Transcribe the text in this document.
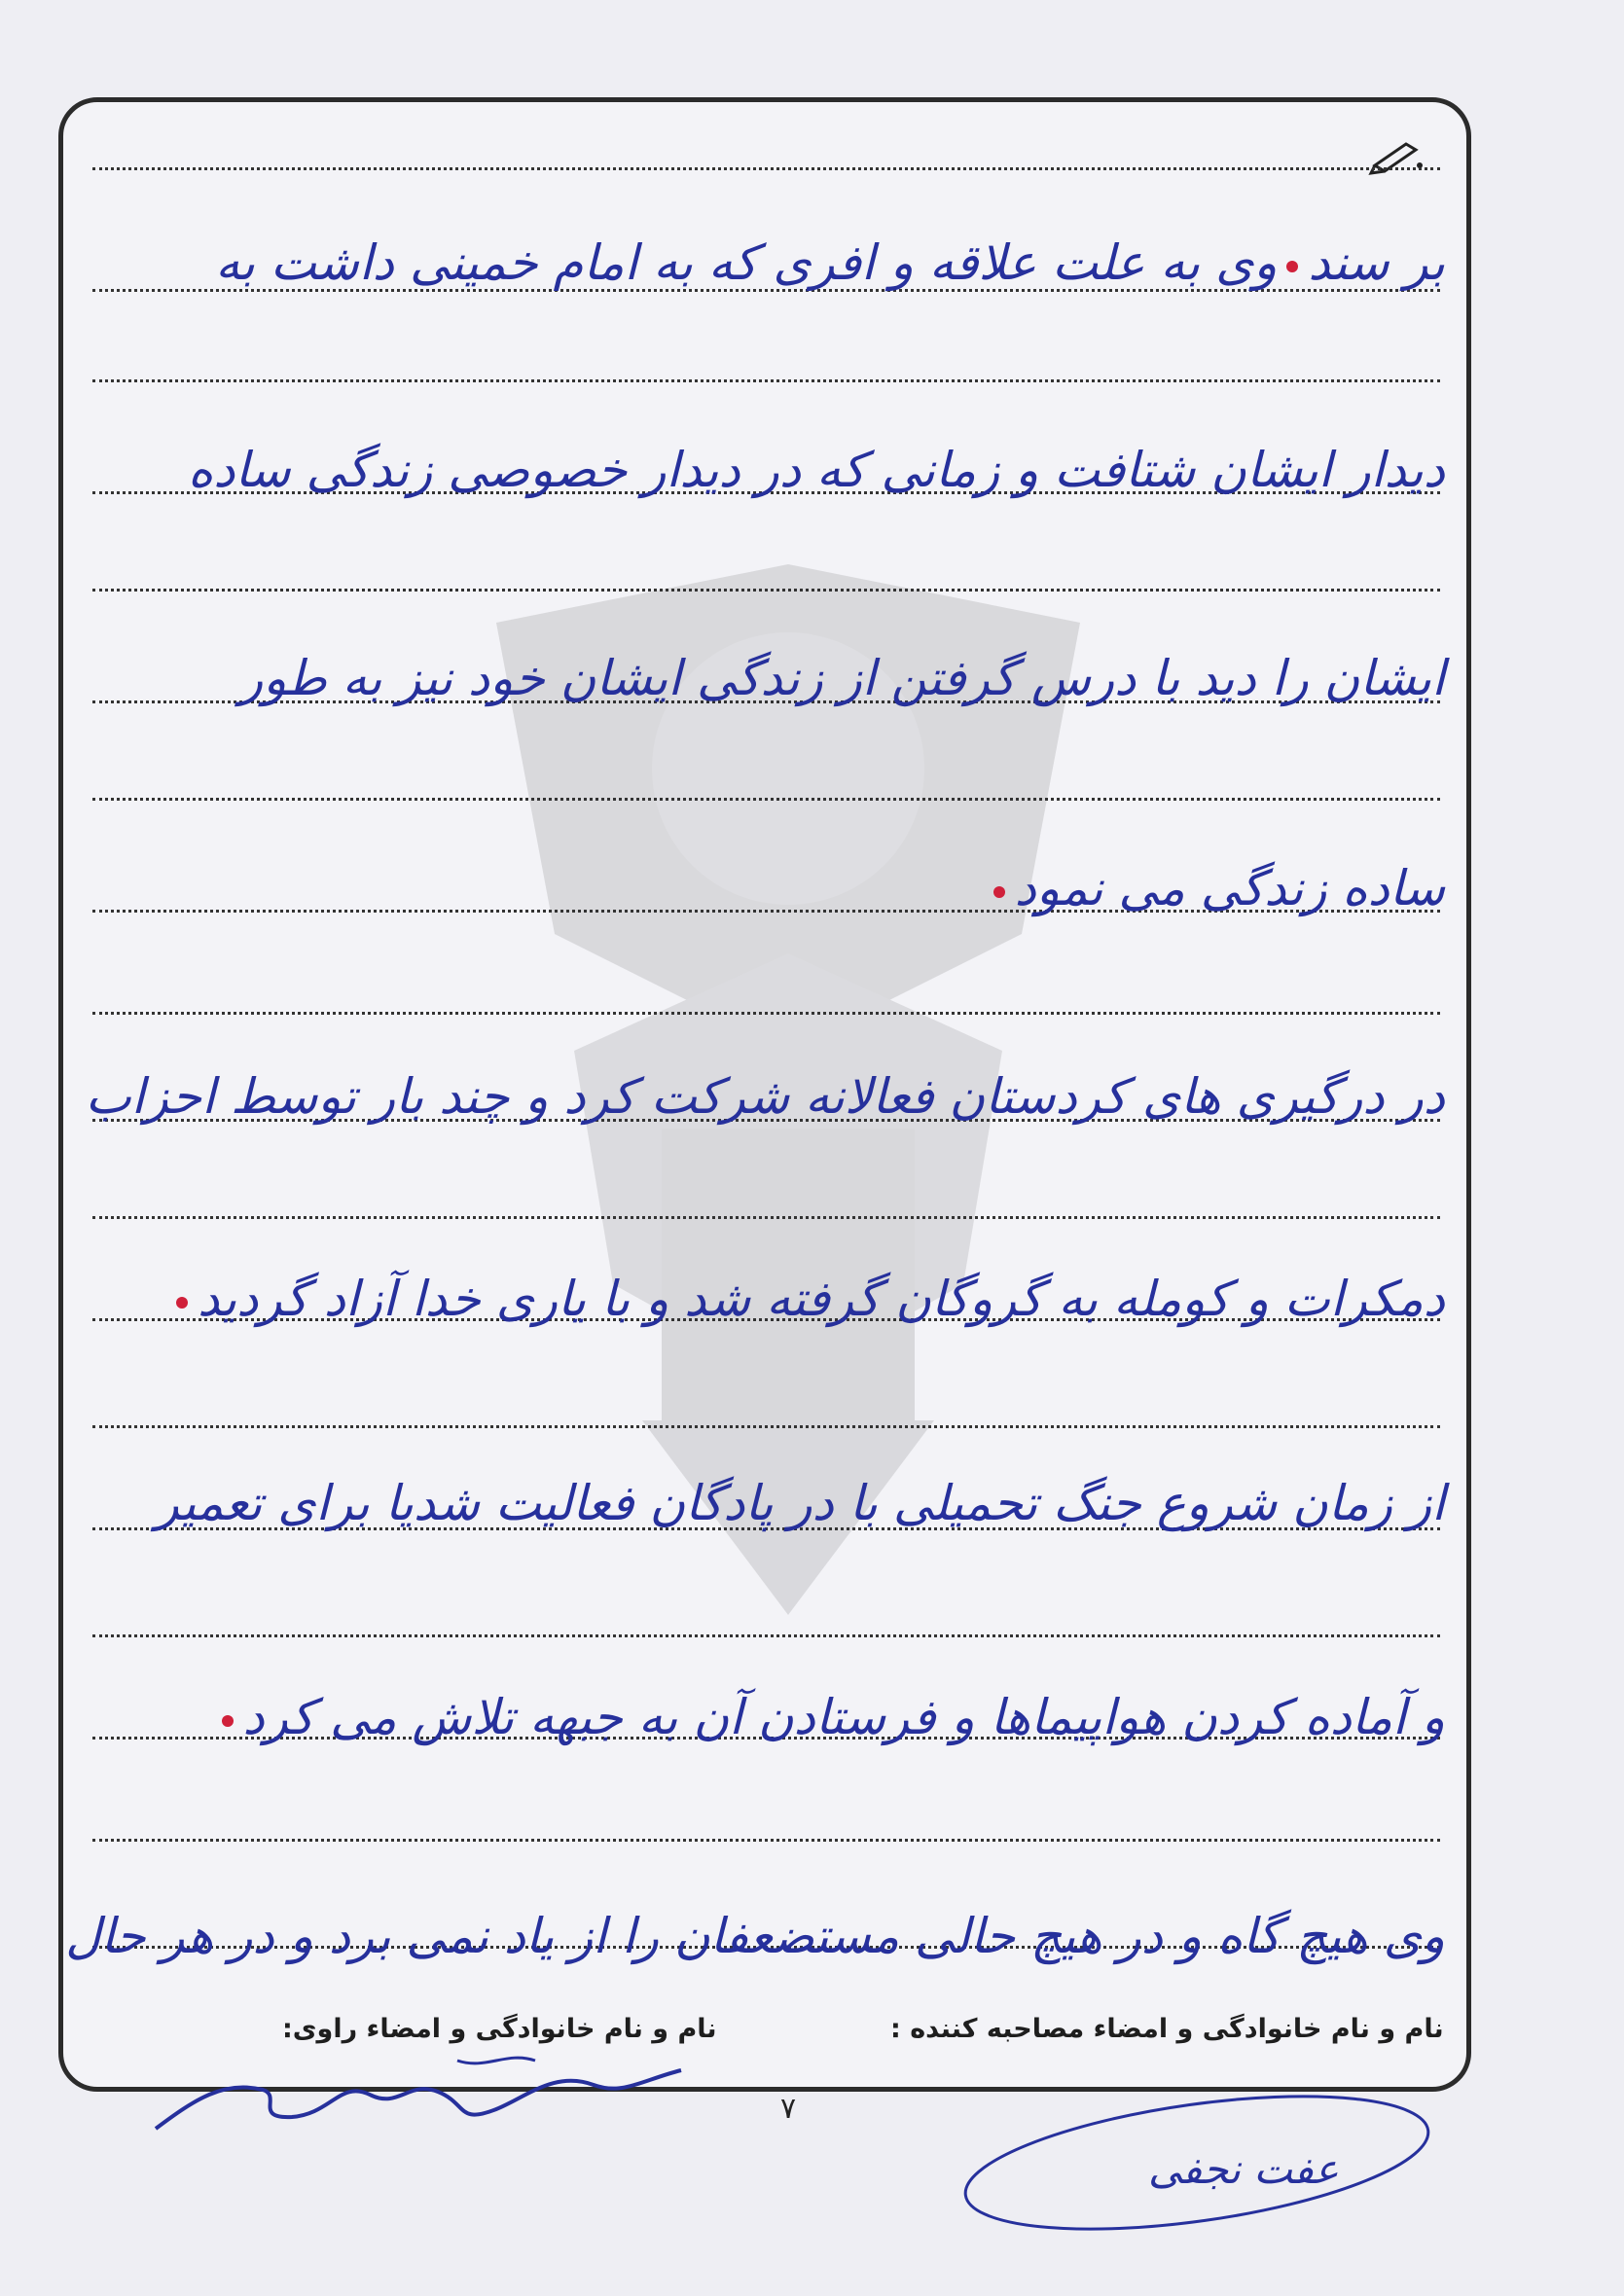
بر سندوی به علت علاقه و افری که به امام خمینی داشت به
دیدار ایشان شتافت و زمانی که در دیدار خصوصی زندگی ساده
ایشان را دید با درس گرفتن از زندگی ایشان خود نیز به طور
ساده زندگی می نمود
در درگیری های کردستان فعالانه شرکت کرد و چند بار توسط احزاب
دمکرات و کومله به گروگان گرفته شد و با یاری خدا آزاد گردید
از زمان شروع جنگ تحمیلی با در پادگان فعالیت شدیا برای تعمیر
و آماده کردن هواپیماها و فرستادن آن به جبهه تلاش می کرد
وی هیچ گاه و در هیچ حالی مستضعفان را از یاد نمی برد و در هر حال
نام و نام خانوادگی و امضاء مصاحبه کننده :
نام و نام خانوادگی و امضاء راوی:
۷
عفت نجفی
